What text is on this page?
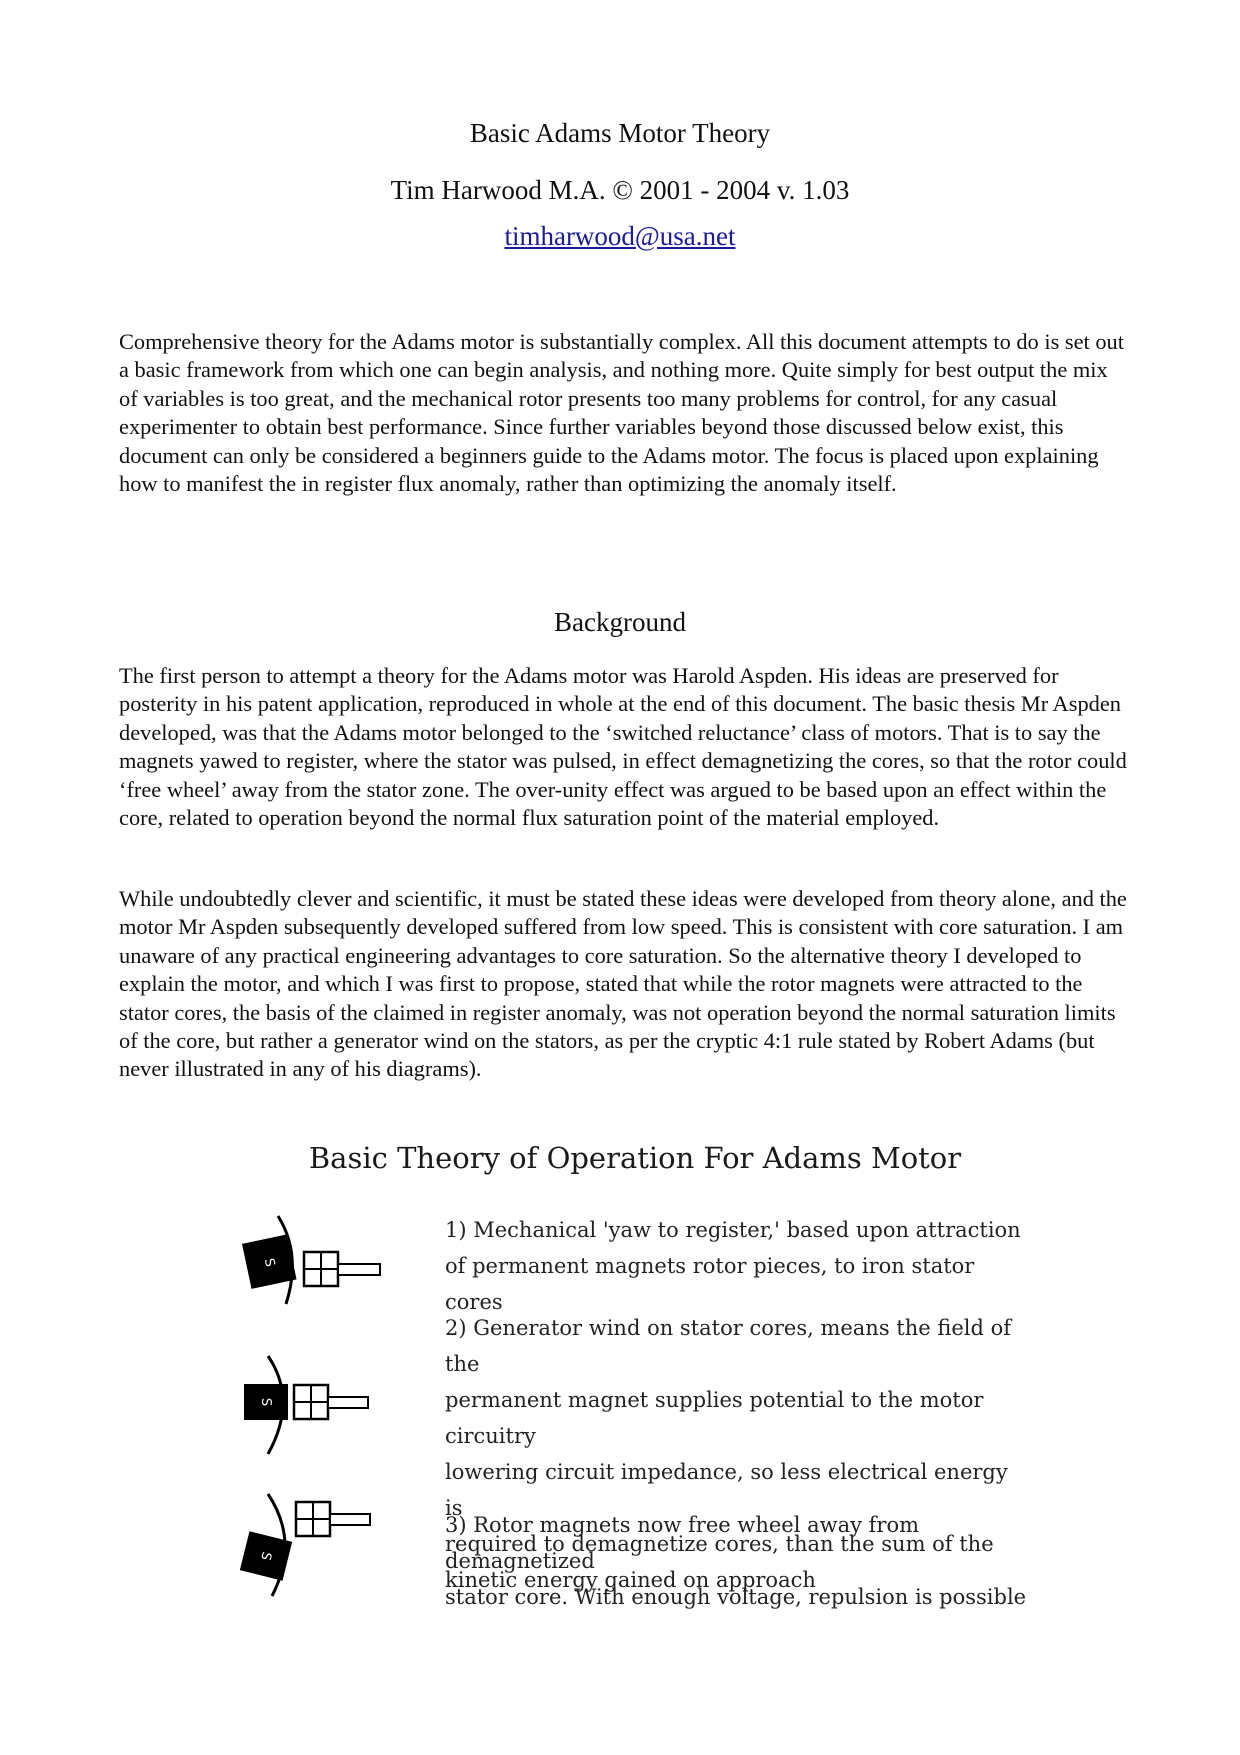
Basic Adams Motor Theory
Tim Harwood M.A. © 2001 - 2004 v. 1.03
timharwood@usa.net

Comprehensive theory for the Adams motor is substantially complex. All this document attempts to do is set out a basic framework from which one can begin analysis, and nothing more. Quite simply for best output the mix of variables is too great, and the mechanical rotor presents too many problems for control, for any casual experimenter to obtain best performance. Since further variables beyond those discussed below exist, this document can only be considered a beginners guide to the Adams motor. The focus is placed upon explaining how to manifest the in register flux anomaly, rather than optimizing the anomaly itself.

Background

The first person to attempt a theory for the Adams motor was Harold Aspden. His ideas are preserved for posterity in his patent application, reproduced in whole at the end of this document. The basic thesis Mr Aspden developed, was that the Adams motor belonged to the ‘switched reluctance’ class of motors. That is to say the magnets yawed to register, where the stator was pulsed, in effect demagnetizing the cores, so that the rotor could ‘free wheel’ away from the stator zone. The over-unity effect was argued to be based upon an effect within the core, related to operation beyond the normal flux saturation point of the material employed.

While undoubtedly clever and scientific, it must be stated these ideas were developed from theory alone, and the motor Mr Aspden subsequently developed suffered from low speed. This is consistent with core saturation. I am unaware of any practical engineering advantages to core saturation. So the alternative theory I developed to explain the motor, and which I was first to propose, stated that while the rotor magnets were attracted to the stator cores, the basis of the claimed in register anomaly, was not operation beyond the normal saturation limits of the core, but rather a generator wind on the stators, as per the cryptic 4:1 rule stated by Robert Adams (but never illustrated in any of his diagrams).

Basic Theory of Operation For Adams Motor
S
1) Mechanical 'yaw to register,' based upon attraction
of permanent magnets rotor pieces, to iron stator cores
S
2) Generator wind on stator cores, means the field of the
permanent magnet supplies potential to the motor circuitry
lowering circuit impedance, so less electrical energy is
required to demagnetize cores, than the sum of the
kinetic energy gained on approach
S
3) Rotor magnets now free wheel away from demagnetized
stator core. With enough voltage, repulsion is possible
